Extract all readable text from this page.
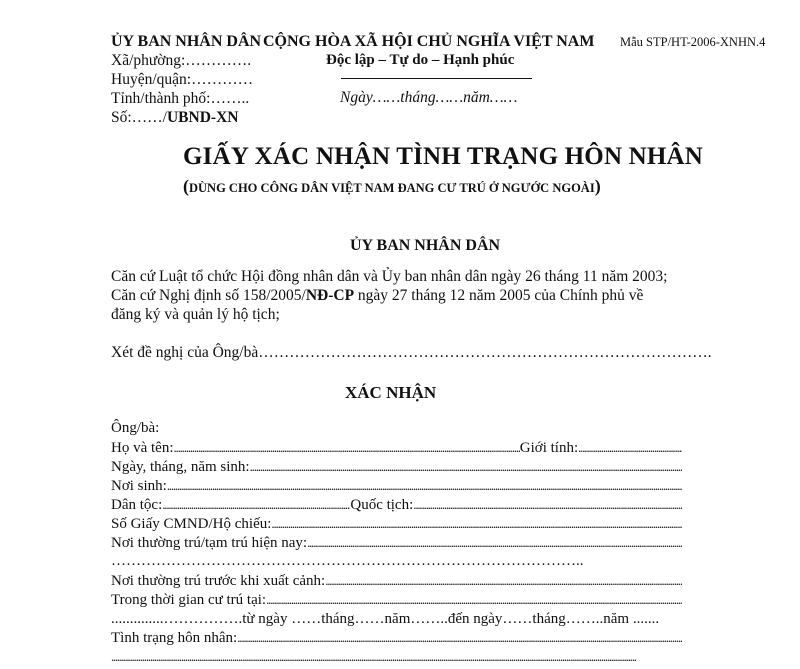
ỦY BAN NHÂN DÂN
Xã/phường:………….
Huyện/quận:…………
Tỉnh/thành phố:……..
Số:……/UBND-XN
CỘNG HÒA XÃ HỘI CHỦ NGHĨA VIỆT NAM
Độc lập – Tự do – Hạnh phúc
Ngày……tháng……năm……
Mẫu STP/HT-2006-XNHN.4
GIẤY XÁC NHẬN TÌNH TRẠNG HÔN NHÂN
(DÙNG CHO CÔNG DÂN VIỆT NAM ĐANG CƯ TRÚ Ở NGƯỚC NGOÀI)
ỦY BAN NHÂN DÂN
Căn cứ Luật tổ chức Hội đồng nhân dân và Ủy ban nhân dân ngày 26 tháng 11 năm 2003;
Căn cứ Nghị định số 158/2005/NĐ-CP ngày 27 tháng 12 năm 2005 của Chính phủ về
đăng ký và quản lý hộ tịch;
Xét đề nghị của Ông/bà…………………………………………………………………………….
XÁC NHẬN
Ông/bà:
Họ và tên: .....	Giới tính:
.....
Ngày, tháng, năm sinh:
.....
Nơi sinh:
.....
Dân tộc: .....	Quốc tịch:
.....
Số Giấy CMND/Hộ chiếu:
.....
Nơi thường trú/tạm trú hiện nay:
.....
…………………………………………………………………………………..
Nơi thường trú trước khi xuất cảnh:
.....
Trong thời gian cư trú tại:
.....
..............…………….từ ngày ……tháng……năm……..đến ngày……tháng……..năm .......
Tình trạng hôn nhân:
.....
.....
